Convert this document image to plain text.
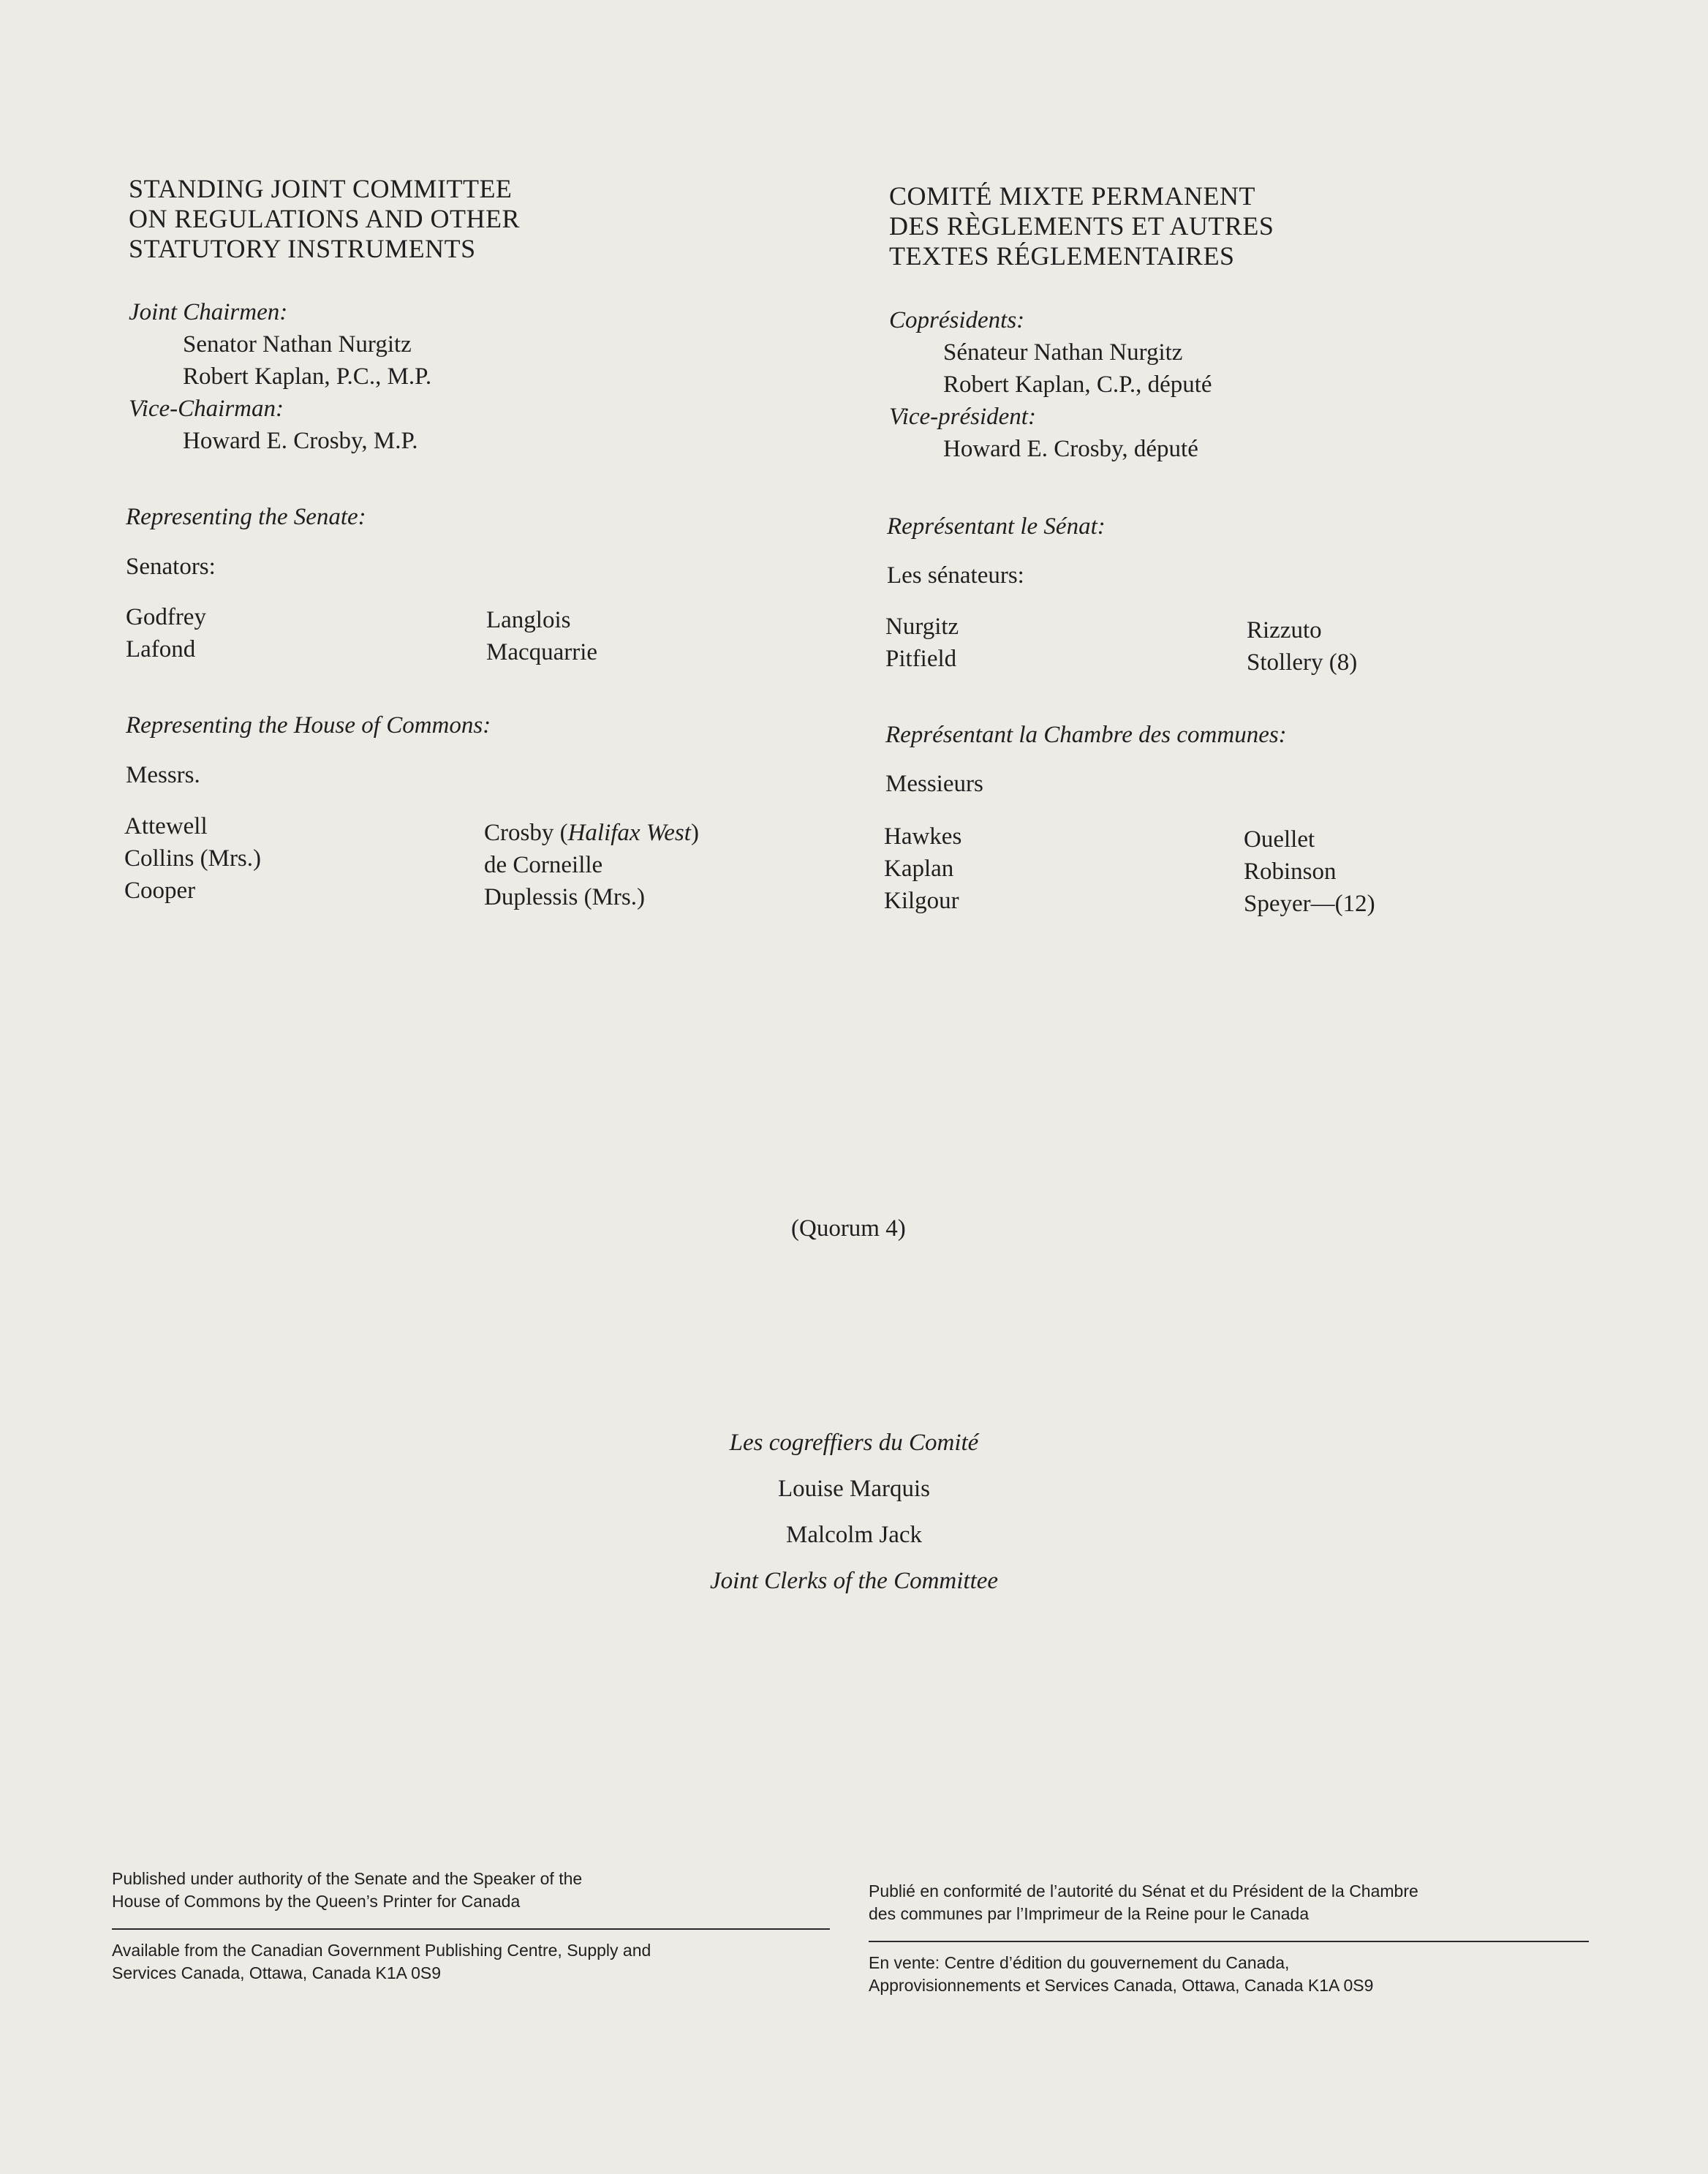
STANDING JOINT COMMITTEE
ON REGULATIONS AND OTHER
STATUTORY INSTRUMENTS
Joint Chairmen:
Senator Nathan Nurgitz
Robert Kaplan, P.C., M.P.
Vice-Chairman:
Howard E. Crosby, M.P.
Representing the Senate:
Senators:
Godfrey
Lafond
Langlois
Macquarrie
Representing the House of Commons:
Messrs.
Attewell
Collins (Mrs.)
Cooper
Crosby (Halifax West)
de Corneille
Duplessis (Mrs.)
COMITÉ MIXTE PERMANENT
DES RÈGLEMENTS ET AUTRES
TEXTES RÉGLEMENTAIRES
Coprésidents:
Sénateur Nathan Nurgitz
Robert Kaplan, C.P., député
Vice-président:
Howard E. Crosby, député
Représentant le Sénat:
Les sénateurs:
Nurgitz
Pitfield
Rizzuto
Stollery (8)
Représentant la Chambre des communes:
Messieurs
Hawkes
Kaplan
Kilgour
Ouellet
Robinson
Speyer—(12)
(Quorum 4)
Les cogreffiers du Comité
Louise Marquis
Malcolm Jack
Joint Clerks of the Committee
Published under authority of the Senate and the Speaker of the
House of Commons by the Queen’s Printer for Canada
Available from the Canadian Government Publishing Centre, Supply and
Services Canada, Ottawa, Canada K1A 0S9
Publié en conformité de l’autorité du Sénat et du Président de la Chambre
des communes par l’Imprimeur de la Reine pour le Canada
En vente: Centre d’édition du gouvernement du Canada,
Approvisionnements et Services Canada, Ottawa, Canada K1A 0S9
